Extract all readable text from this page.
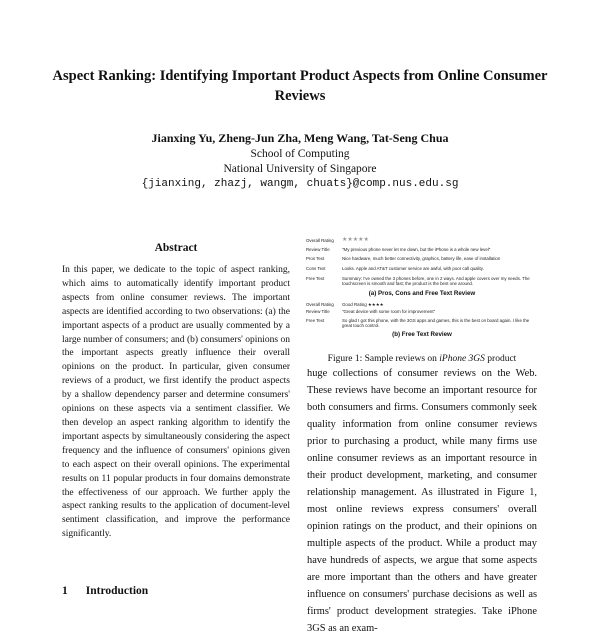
Aspect Ranking: Identifying Important Product Aspects from Online Consumer Reviews
Jianxing Yu, Zheng-Jun Zha, Meng Wang, Tat-Seng Chua
School of Computing
National University of Singapore
{jianxing, zhazj, wangm, chuats}@comp.nus.edu.sg
Abstract
In this paper, we dedicate to the topic of aspect ranking, which aims to automatically identify important product aspects from online consumer reviews. The important aspects are identified according to two observations: (a) the important aspects of a product are usually commented by a large number of consumers; and (b) consumers' opinions on the important aspects greatly influence their overall opinions on the product. In particular, given consumer reviews of a product, we first identify the product aspects by a shallow dependency parser and determine consumers' opinions on these aspects via a sentiment classifier. We then develop an aspect ranking algorithm to identify the important aspects by simultaneously considering the aspect frequency and the influence of consumers' opinions given to each aspect on their overall opinions. The experimental results on 11 popular products in four domains demonstrate the effectiveness of our approach. We further apply the aspect ranking results to the application of document-level sentiment classification, and improve the performance significantly.
1 Introduction
Overall Rating	★★★★★
Review Title	"My previous phone never let me down, but the iPhone is a whole new level"
Pros Text	Nice hardware, much better connectivity, graphics, battery life, ease of installation
Cons Text	Looks. Apple and AT&T customer service are awful, with poor call quality.
Free Text	Summary: I've owned the 3 phones before, one in 2 ways. And apple covers over my needs. The touchscreen is smooth and fast; the product is the best one around.
(a) Pros, Cons and Free Text Review
Overall Rating	Good Rating ★★★★
Review Title	"Great device with some room for improvement"
Free Text	So glad I got this phone, with the 3GS apps and games, this is the best on board again. I like the great touch control.
(b) Free Text Review
Figure 1: Sample reviews on iPhone 3GS product
huge collections of consumer reviews on the Web. These reviews have become an important resource for both consumers and firms. Consumers commonly seek quality information from online consumer reviews prior to purchasing a product, while many firms use online consumer reviews as an important resource in their product development, marketing, and consumer relationship management. As illustrated in Figure 1, most online reviews express consumers' overall opinion ratings on the product, and their opinions on multiple aspects of the product. While a product may have hundreds of aspects, we argue that some aspects are more important than the others and have greater influence on consumers' purchase decisions as well as firms' product development strategies. Take iPhone 3GS as an exam-
